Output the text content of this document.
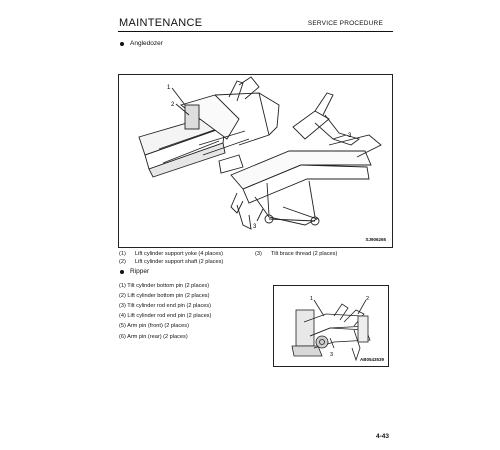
MAINTENANCE	SERVICE PROCEDURE
Angledozer
1
2
3
3
SJ906265
(1)	Lift cylinder support yoke (4 places)
(2)	Lift cylinder support shaft (2 places)
(3)	Tilt brace thread (2 places)
Ripper
(1) Tilt cylinder bottom pin (2 places)
(2) Lift cylinder bottom pin (2 places)
(3) Tilt cylinder rod end pin (2 places)
(4) Lift cylinder rod end pin (2 places)
(5) Arm pin (front) (2 places)
(6) Arm pin (rear) (2 places)
1	2
3
AB0543539
4-43
